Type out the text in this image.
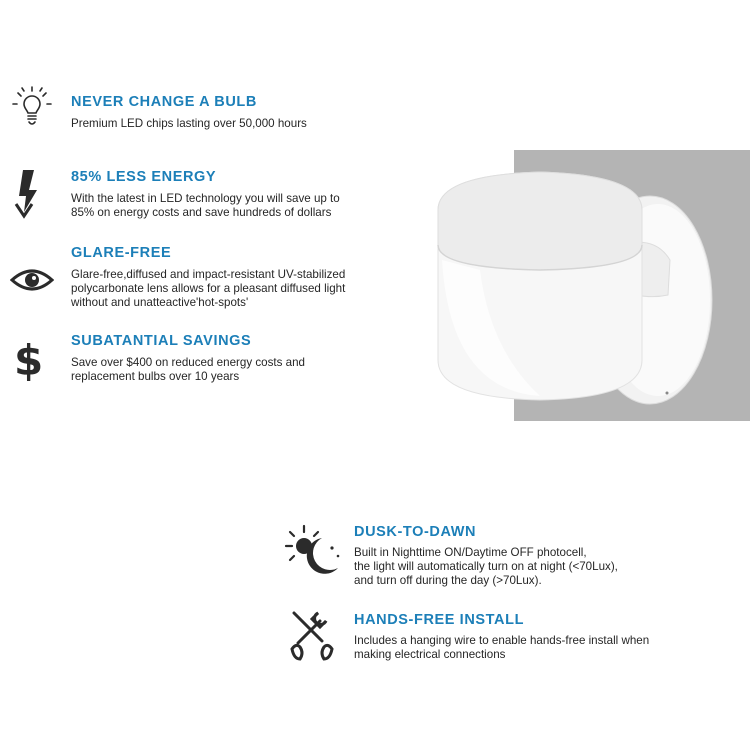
NEVER CHANGE A BULB
Premium LED chips lasting over 50,000 hours
85% LESS ENERGY
With the latest in LED technology you will save up to
85% on energy costs and save hundreds of dollars
GLARE-FREE
Glare-free,diffused and impact-resistant UV-stabilized
polycarbonate lens allows for a pleasant diffused light
without and unatteactive'hot-spots'
$ SUBATANTIAL SAVINGS
Save over $400 on reduced energy costs and
replacement bulbs over 10 years
DUSK-TO-DAWN
Built in Nighttime ON/Daytime OFF photocell,
the light will automatically turn on at night (<70Lux),
and turn off during the day (>70Lux).
HANDS-FREE INSTALL
Includes a hanging wire to enable hands-free install when
making electrical connections
